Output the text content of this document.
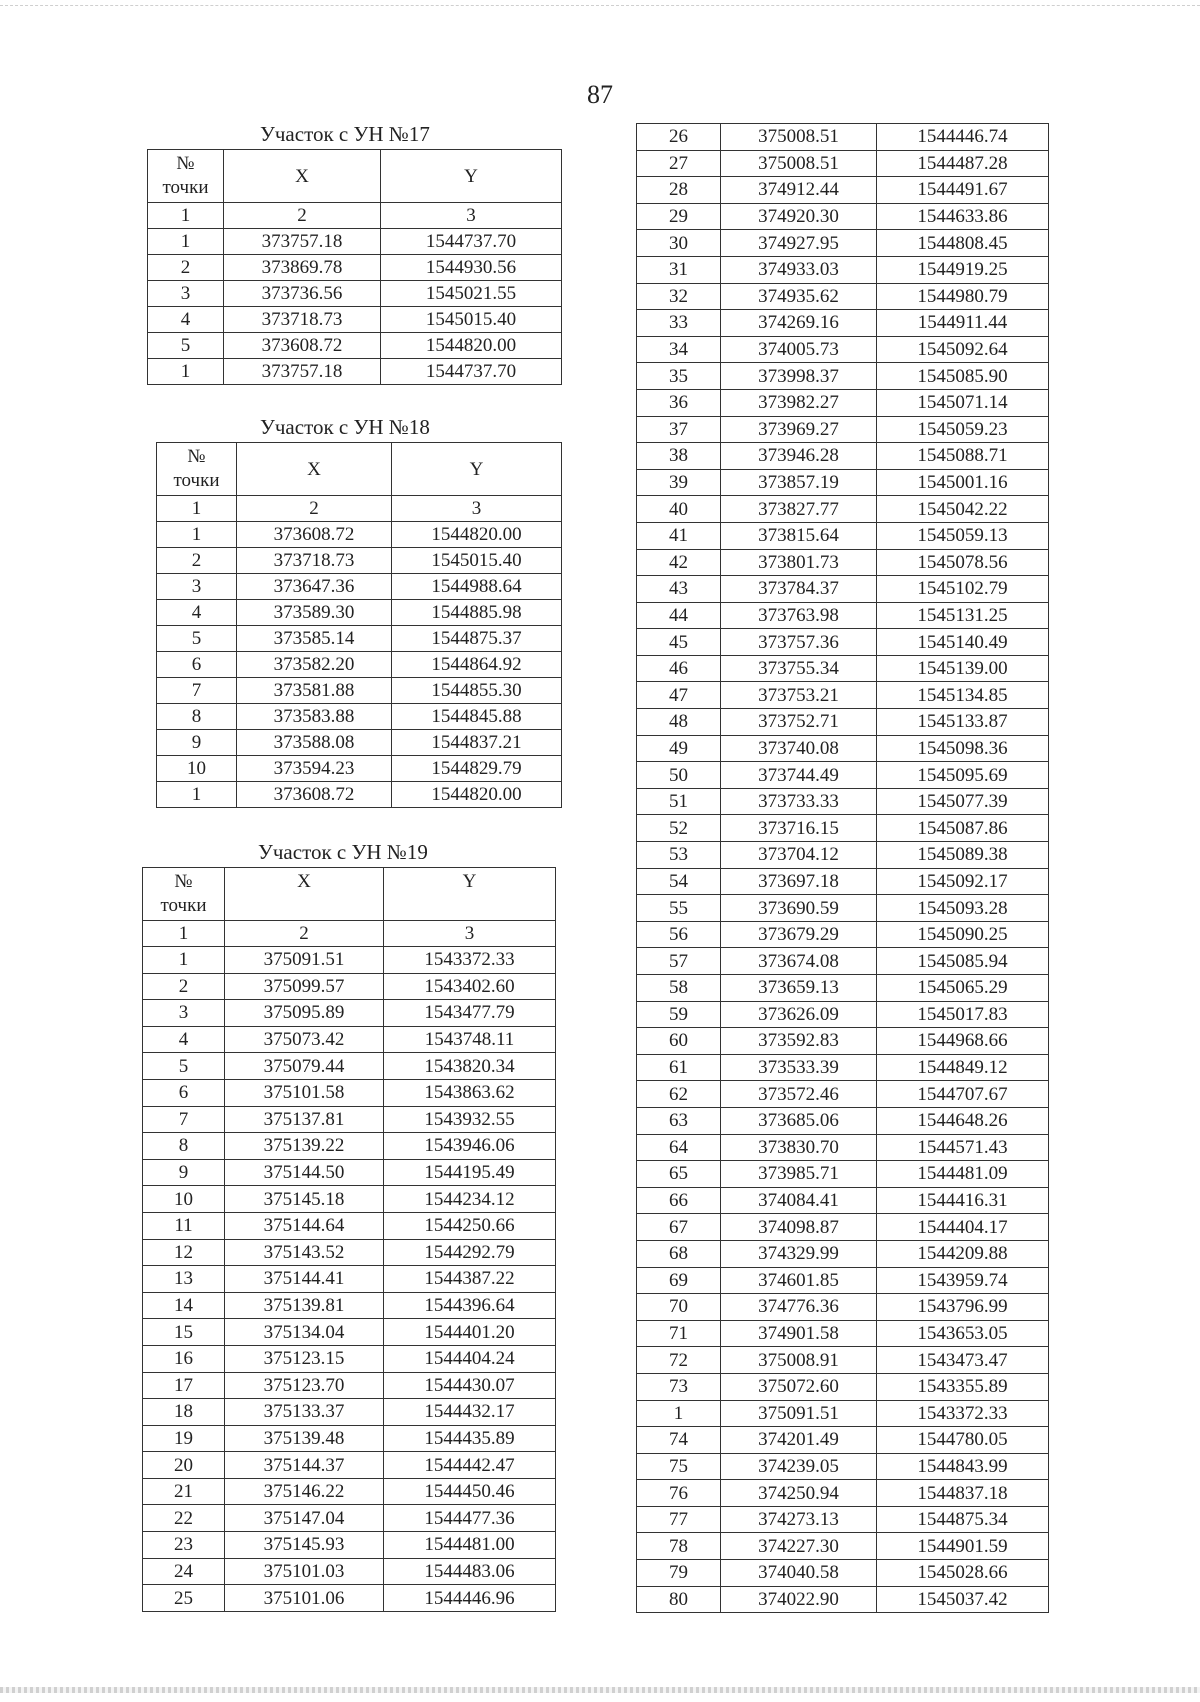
87
Участок с УН №17
№
точки	X	Y
1	2	3
1	373757.18	1544737.70
2	373869.78	1544930.56
3	373736.56	1545021.55
4	373718.73	1545015.40
5	373608.72	1544820.00
1	373757.18	1544737.70
Участок с УН №18
№
точки	X	Y
1	2	3
1	373608.72	1544820.00
2	373718.73	1545015.40
3	373647.36	1544988.64
4	373589.30	1544885.98
5	373585.14	1544875.37
6	373582.20	1544864.92
7	373581.88	1544855.30
8	373583.88	1544845.88
9	373588.08	1544837.21
10	373594.23	1544829.79
1	373608.72	1544820.00
Участок с УН №19
№
точки	X	Y
1	2	3
1	375091.51	1543372.33
2	375099.57	1543402.60
3	375095.89	1543477.79
4	375073.42	1543748.11
5	375079.44	1543820.34
6	375101.58	1543863.62
7	375137.81	1543932.55
8	375139.22	1543946.06
9	375144.50	1544195.49
10	375145.18	1544234.12
11	375144.64	1544250.66
12	375143.52	1544292.79
13	375144.41	1544387.22
14	375139.81	1544396.64
15	375134.04	1544401.20
16	375123.15	1544404.24
17	375123.70	1544430.07
18	375133.37	1544432.17
19	375139.48	1544435.89
20	375144.37	1544442.47
21	375146.22	1544450.46
22	375147.04	1544477.36
23	375145.93	1544481.00
24	375101.03	1544483.06
25	375101.06	1544446.96
26	375008.51	1544446.74
27	375008.51	1544487.28
28	374912.44	1544491.67
29	374920.30	1544633.86
30	374927.95	1544808.45
31	374933.03	1544919.25
32	374935.62	1544980.79
33	374269.16	1544911.44
34	374005.73	1545092.64
35	373998.37	1545085.90
36	373982.27	1545071.14
37	373969.27	1545059.23
38	373946.28	1545088.71
39	373857.19	1545001.16
40	373827.77	1545042.22
41	373815.64	1545059.13
42	373801.73	1545078.56
43	373784.37	1545102.79
44	373763.98	1545131.25
45	373757.36	1545140.49
46	373755.34	1545139.00
47	373753.21	1545134.85
48	373752.71	1545133.87
49	373740.08	1545098.36
50	373744.49	1545095.69
51	373733.33	1545077.39
52	373716.15	1545087.86
53	373704.12	1545089.38
54	373697.18	1545092.17
55	373690.59	1545093.28
56	373679.29	1545090.25
57	373674.08	1545085.94
58	373659.13	1545065.29
59	373626.09	1545017.83
60	373592.83	1544968.66
61	373533.39	1544849.12
62	373572.46	1544707.67
63	373685.06	1544648.26
64	373830.70	1544571.43
65	373985.71	1544481.09
66	374084.41	1544416.31
67	374098.87	1544404.17
68	374329.99	1544209.88
69	374601.85	1543959.74
70	374776.36	1543796.99
71	374901.58	1543653.05
72	375008.91	1543473.47
73	375072.60	1543355.89
1	375091.51	1543372.33
74	374201.49	1544780.05
75	374239.05	1544843.99
76	374250.94	1544837.18
77	374273.13	1544875.34
78	374227.30	1544901.59
79	374040.58	1545028.66
80	374022.90	1545037.42
